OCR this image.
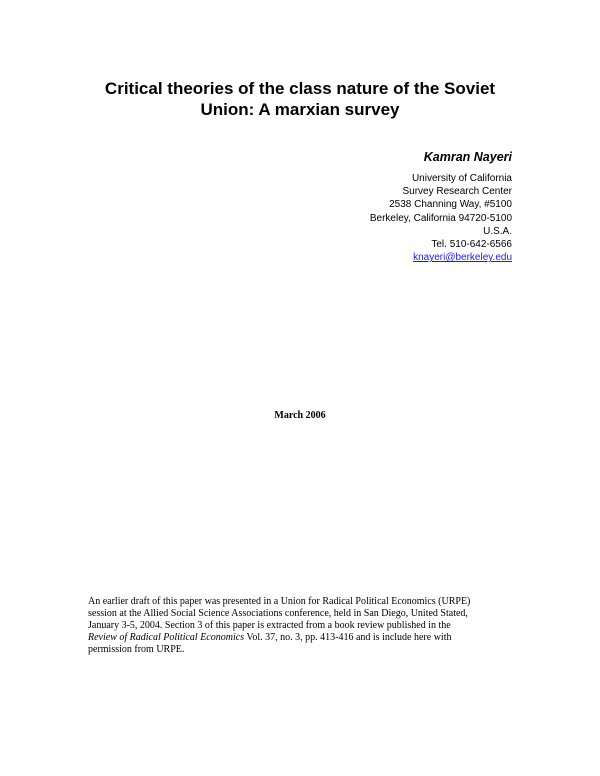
Critical theories of the class nature of the Soviet
Union: A marxian survey
Kamran Nayeri
University of California
Survey Research Center
2538 Channing Way, #5100
Berkeley, California 94720-5100
U.S.A.
Tel. 510-642-6566
knayeri@berkeley.edu
March 2006
An earlier draft of this paper was presented in a Union for Radical Political Economics (URPE)
session at the Allied Social Science Associations conference, held in San Diego, United Stated,
January 3-5, 2004. Section 3 of this paper is extracted from a book review published in the
Review of Radical Political Economics Vol. 37, no. 3, pp. 413-416 and is include here with
permission from URPE.
